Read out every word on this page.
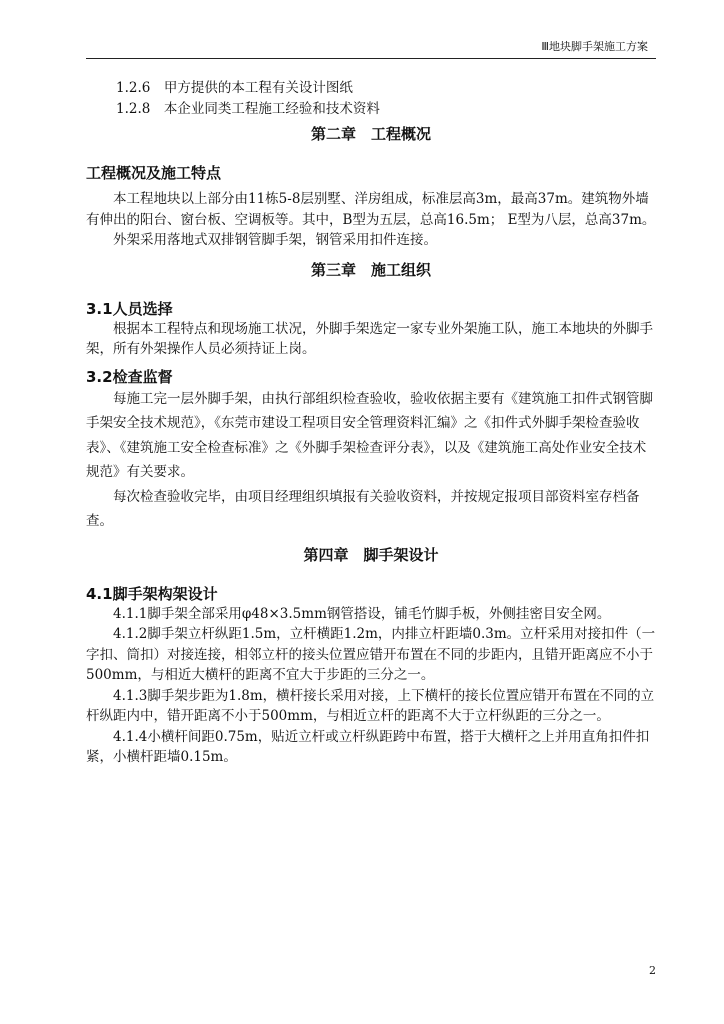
Ⅲ地块脚手架施工方案

1.2.6　甲方提供的本工程有关设计图纸

1.2.8　本企业同类工程施工经验和技术资料

第二章　工程概况

工程概况及施工特点

本工程地块以上部分由11栋5-8层别墅、洋房组成，标准层高3m，最高37m。建筑物外墙有伸出的阳台、窗台板、空调板等。其中，B型为五层，总高16.5m； E型为八层，总高37m。

外架采用落地式双排钢管脚手架，钢管采用扣件连接。

第三章　施工组织

3.1人员选择

根据本工程特点和现场施工状况，外脚手架选定一家专业外架施工队，施工本地块的外脚手架，所有外架操作人员必须持证上岗。

3.2检查监督

每施工完一层外脚手架，由执行部组织检查验收，验收依据主要有《建筑施工扣件式钢管脚手架安全技术规范》，《东莞市建设工程项目安全管理资料汇编》之《扣件式外脚手架检查验收表》、《建筑施工安全检查标准》之《外脚手架检查评分表》，以及《建筑施工高处作业安全技术规范》有关要求。

每次检查验收完毕，由项目经理组织填报有关验收资料，并按规定报项目部资料室存档备查。

第四章　脚手架设计

4.1脚手架构架设计

4.1.1脚手架全部采用φ48×3.5mm钢管搭设，铺毛竹脚手板，外侧挂密目安全网。

4.1.2脚手架立杆纵距1.5m，立杆横距1.2m，内排立杆距墙0.3m。立杆采用对接扣件（一字扣、筒扣）对接连接，相邻立杆的接头位置应错开布置在不同的步距内，且错开距离应不小于500mm，与相近大横杆的距离不宜大于步距的三分之一。

4.1.3脚手架步距为1.8m，横杆接长采用对接，上下横杆的接长位置应错开布置在不同的立杆纵距内中，错开距离不小于500mm，与相近立杆的距离不大于立杆纵距的三分之一。

4.1.4小横杆间距0.75m，贴近立杆或立杆纵距跨中布置，搭于大横杆之上并用直角扣件扣紧，小横杆距墙0.15m。

2
